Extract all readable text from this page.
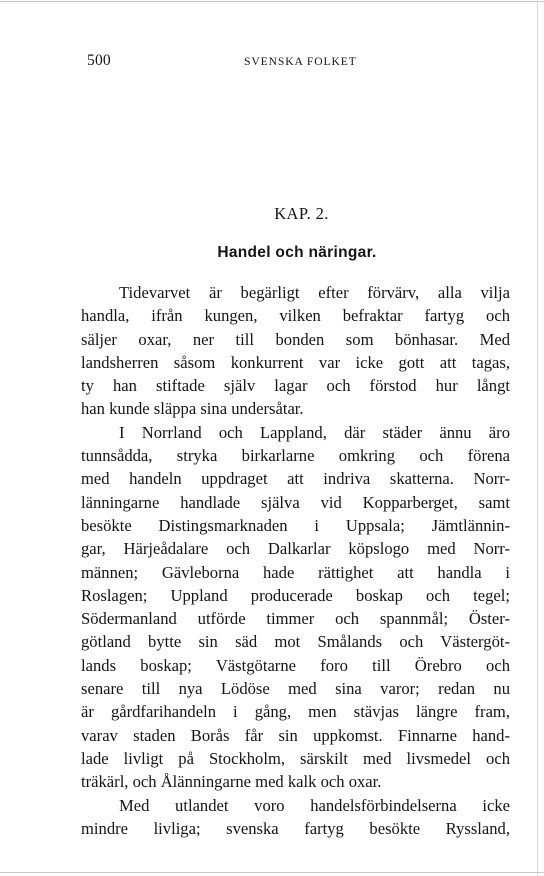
500	SVENSKA FOLKET
KAP. 2.
Handel och näringar.
Tidevarvet är begärligt efter förvärv, alla vilja
handla, ifrån kungen, vilken befraktar fartyg och
säljer oxar, ner till bonden som bönhasar. Med
landsherren såsom konkurrent var icke gott att tagas,
ty han stiftade själv lagar och förstod hur långt
han kunde släppa sina undersåtar.
I Norrland och Lappland, där städer ännu äro
tunnsådda, stryka birkarlarne omkring och förena
med handeln uppdraget att indriva skatterna. Norr-
länningarne handlade själva vid Kopparberget, samt
besökte Distingsmarknaden i Uppsala; Jämtlännin-
gar, Härjeådalare och Dalkarlar köpslogo med Norr-
männen; Gävleborna hade rättighet att handla i
Roslagen; Uppland producerade boskap och tegel;
Södermanland utförde timmer och spannmål; Öster-
götland bytte sin säd mot Smålands och Västergöt-
lands boskap; Västgötarne foro till Örebro och
senare till nya Lödöse med sina varor; redan nu
är gårdfarihandeln i gång, men stävjas längre fram,
varav staden Borås får sin uppkomst. Finnarne hand-
lade livligt på Stockholm, särskilt med livsmedel och
träkärl, och Ålänningarne med kalk och oxar.
Med utlandet voro handelsförbindelserna icke
mindre livliga; svenska fartyg besökte Ryssland,
